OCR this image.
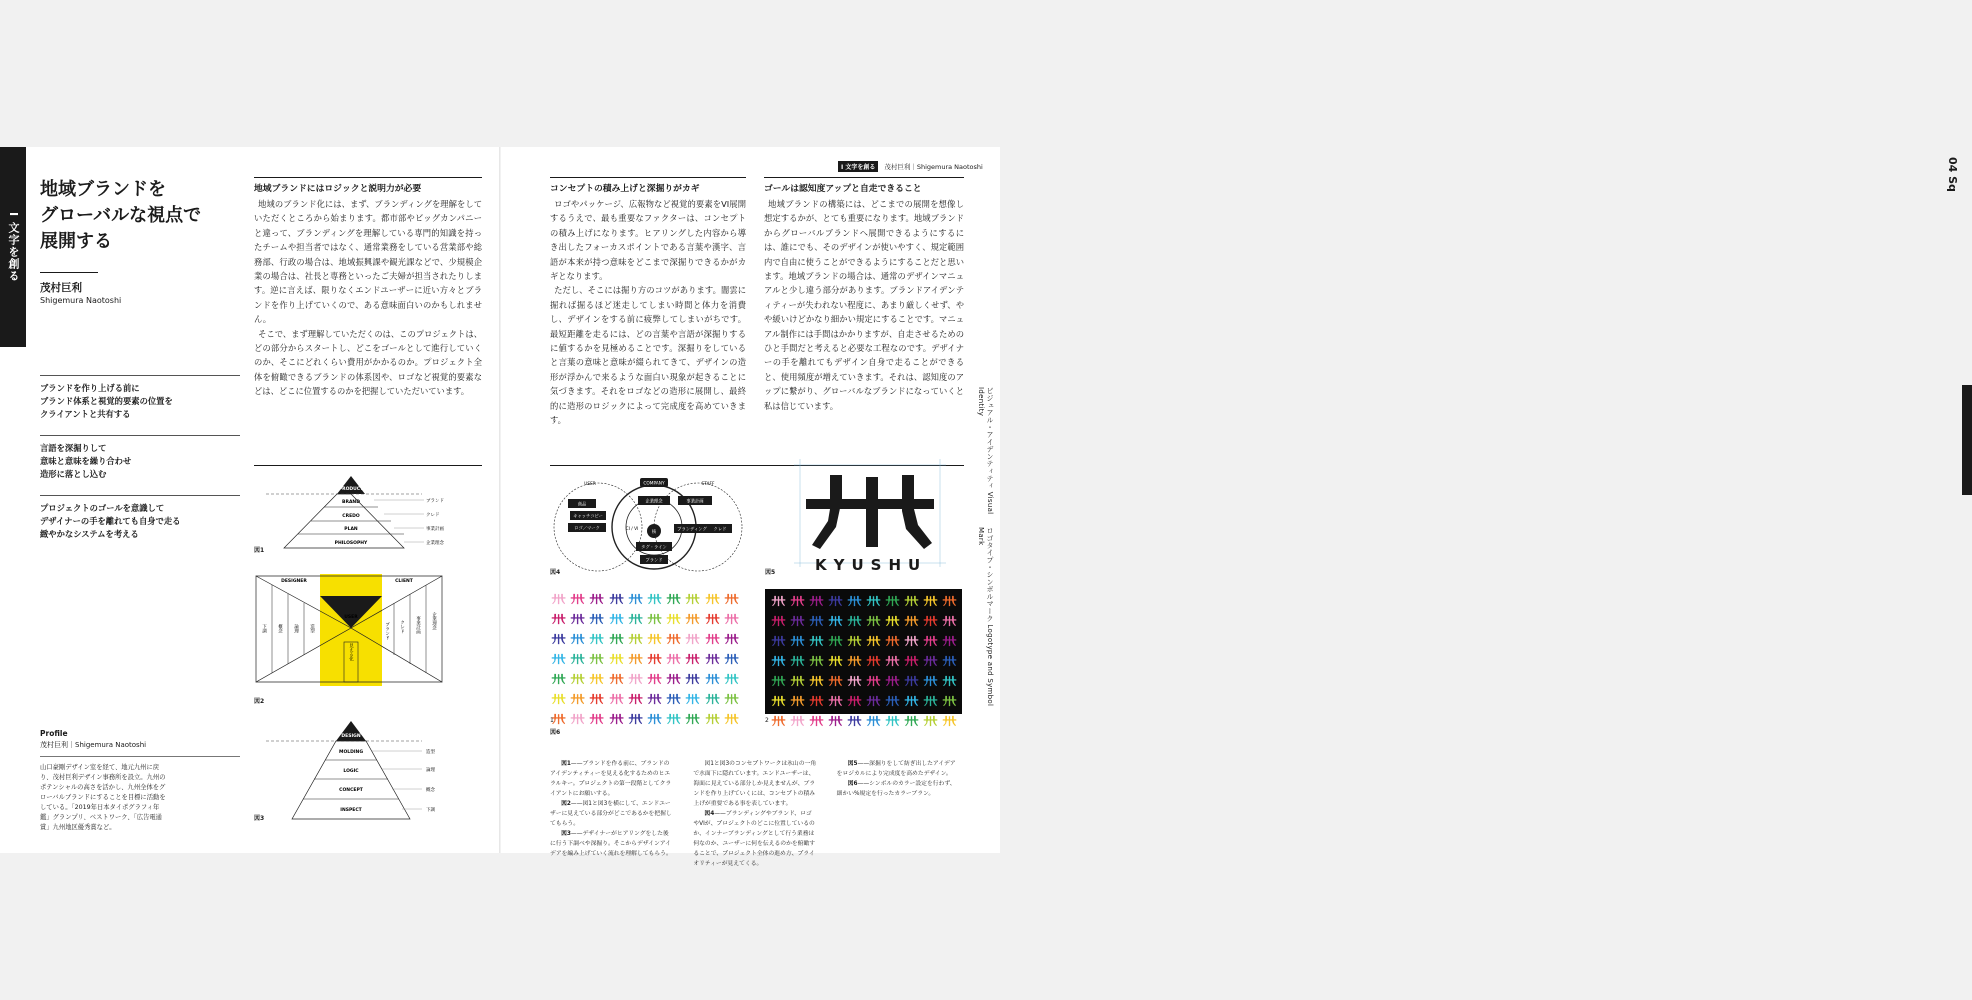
I 文字を創る
地域ブランドを
グローバルな視点で
展開する
茂村巨利
Shigemura Naotoshi
ブランドを作り上げる前に
ブランド体系と視覚的要素の位置を
クライアントと共有する
言語を深掘りして
意味と意味を繰り合わせ
造形に落とし込む
プロジェクトのゴールを意識して
デザイナーの手を離れても自身で走る
緻やかなシステムを考える
Profile
茂村巨利｜Shigemura Naotoshi
山口豪剛デザイン室を経て、地元九州に戻り、茂村巨利デザイン事務所を設立。九州のポテンシャルの高さを活かし、九州全体をグローバルブランドにすることを目標に活動をしている。「2019年日本タイポグラフィ年鑑」グランプリ、ベストワーク、「広告電通賞」九州地区優秀賞など。
地域ブランドにはロジックと説明力が必要

地域のブランド化には、まず、ブランディングを理解をしていただくところから始まります。都市部やビッグカンパニーと違って、ブランディングを理解している専門的知識を持ったチームや担当者ではなく、通常業務をしている営業部や総務部、行政の場合は、地域振興課や観光課などで、少規模企業の場合は、社長と専務といったご夫婦が担当されたりします。逆に言えば、限りなくエンドユーザーに近い方々とブランドを作り上げていくので、ある意味面白いのかもしれません。

そこで、まず理解していただくのは、このプロジェクトは、どの部分からスタートし、どこをゴールとして進行していくのか、そこにどれくらい費用がかかるのか。プロジェクト全体を俯瞰できるブランドの体系図や、ロゴなど視覚的要素などは、どこに位置するのかを把握していただいています。

PRODUCT
BRAND
CREDO
PLAN
PHILOSOPHY
ブランド
クレド
事業計画
企業理念
図1
DESIGNER	CLIENT
USER
言語	事業
見える化
下調 概念 論理 造型	企業理念
事業計画
クレド
ブランド
図2
DESIGN
MOLDING
LOGIC
CONCEPT
INSPECT
造型
論理
概念
下調
図3
I 文字を創る	茂村巨利｜Shigemura Naotoshi
コンセプトの積み上げと深掘りがカギ

ロゴやパッケージ、広報物など視覚的要素をVI展開するうえで、最も重要なファクターは、コンセプトの積み上げになります。ヒアリングした内容から導き出したフォーカスポイントである言葉や漢字、言語が本来が持つ意味をどこまで深掘りできるかがカギとなります。

ただし、そこには掘り方のコツがあります。闇雲に掘れば掘るほど迷走してしまい時間と体力を消費し、デザインをする前に疲弊してしまいがちです。最短距離を走るには、どの言葉や言語が深掘りするに値するかを見極めることです。深掘りをしていると言葉の意味と意味が綴られてきて、デザインの造形が浮かんで来るような面白い現象が起きることに気づきます。それをロゴなどの造形に展開し、最終的に造形のロジックによって完成度を高めていきます。

ゴールは認知度アップと自走できること

地域ブランドの構築には、どこまでの展開を想像し想定するかが、とても重要になります。地域ブランドからグローバルブランドへ展開できるようにするには、誰にでも、そのデザインが使いやすく、規定範囲内で自由に使うことができるようにすることだと思います。地域ブランドの場合は、通常のデザインマニュアルと少し違う部分があります。ブランドアイデンティティーが失われない程度に、あまり厳しくせず、やや緩いけどかなり細かい規定にすることです。マニュアル制作には手間はかかりますが、自走させるためのひと手間だと考えると必要な工程なのです。デザイナーの手を離れてもデザイン自身で走ることができると、使用頻度が増えていきます。それは、認知度のアップに繋がり、グローバルなブランドになっていくと私は信じています。

USER	STAFF
COMPANY
商品
キャッチコピー
ロゴ／マーク
企業理念	事業計画
CI / VI
核	ブランディング クレド
タグ・ライン
ブランド
図4	KYUSHU
図5
1	2
図6

図1——ブランドを作る前に、ブランドのアイデンティティーを見える化するためのヒエラルキー。プロジェクトの第一段階としてクライアントにお願いする。
図2——図1と図3を横にして、エンドユーザーに見えている部分がどこであるかを把握してもらう。
図3——デザイナーがヒアリングをした後に行う下調べや深掘り。そこからデザインアイデアを編み上げていく流れを理解してもらう。

図1と図3のコンセプトワークは氷山の一角で水面下に隠れています。エンドユーザーは、海面に見えている部分しか見えませんが、ブランドを作り上げていくには、コンセプトの積み上げが重要である事を表しています。
図4——ブランディングやブランド、ロゴやVIが、プロジェクトのどこに位置しているのか、インナーブランディングとして行う業務は何なのか、ユーザーに何を伝えるのかを俯瞰することで、プロジェクト全体の進め方、プライオリティーが見えてくる。

図5——深掘りをして紡ぎ出したアイデアをロジカルにより完成度を高めたデザイン。
図6——シンボルのカラー設定を行わず、細かい%規定を行ったカラーブラン。

04 Sq
ビジュアル・アイデンティティ Visual Identity
ロゴタイプ・シンボルマーク Logotype and Symbol Mark
